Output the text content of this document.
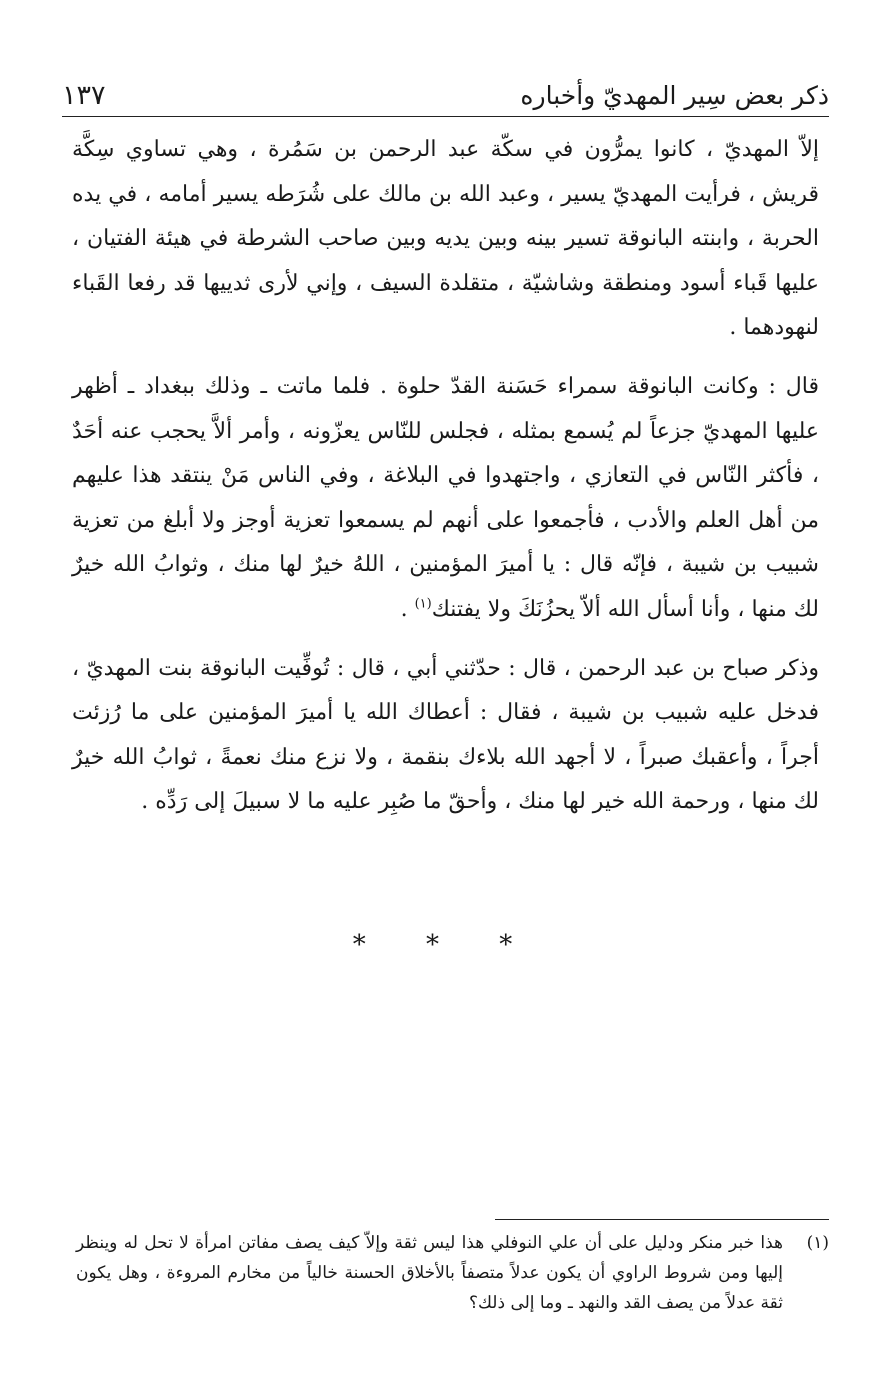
ذكر بعض سِير المهديّ وأخباره
١٣٧

إلاّ المهديّ ، كانوا يمرُّون في سكّة عبد الرحمن بن سَمُرة ، وهي تساوي سِكَّة قريش ، فرأيت المهديّ يسير ، وعبد الله بن مالك على شُرَطه يسير أمامه ، في يده الحربة ، وابنته البانوقة تسير بينه وبين يديه وبين صاحب الشرطة في هيئة الفتيان ، عليها قَباء أسود ومنطقة وشاشيّة ، متقلدة السيف ، وإني لأرى ثدييها قد رفعا القَباء لنهودهما .

قال : وكانت البانوقة سمراء حَسَنة القدّ حلوة . فلما ماتت ـ وذلك ببغداد ـ أظهر عليها المهديّ جزعاً لم يُسمع بمثله ، فجلس للنّاس يعزّونه ، وأمر ألاَّ يحجب عنه أحَدٌ ، فأكثر النّاس في التعازي ، واجتهدوا في البلاغة ، وفي الناس مَنْ ينتقد هذا عليهم من أهل العلم والأدب ، فأجمعوا على أنهم لم يسمعوا تعزية أوجز ولا أبلغ من تعزية شبيب بن شيبة ، فإنّه قال : يا أميرَ المؤمنين ، اللهُ خيرٌ لها منك ، وثوابُ الله خيرٌ لك منها ، وأنا أسأل الله ألاّ يحزُنَكَ ولا يفتنك$^{(١)}$ .

وذكر صباح بن عبد الرحمن ، قال : حدّثني أبي ، قال : تُوفِّيت البانوقة بنت المهديّ ، فدخل عليه شبيب بن شيبة ، فقال : أعطاك الله يا أميرَ المؤمنين على ما رُزئت أجراً ، وأعقبك صبراً ، لا أجهد الله بلاءك بنقمة ، ولا نزع منك نعمةً ، ثوابُ الله خيرٌ لك منها ، ورحمة الله خير لها منك ، وأحقّ ما صُبِر عليه ما لا سبيلَ إلى رَدِّه .

* * *
(١)

هذا خبر منكر ودليل على أن علي النوفلي هذا ليس ثقة وإلاّ كيف يصف مفاتن امرأة لا تحل له وينظر إليها ومن شروط الراوي أن يكون عدلاً متصفاً بالأخلاق الحسنة خالياً من مخارم المروءة ، وهل يكون ثقة عدلاً من يصف القد والنهد ـ وما إلى ذلك؟
